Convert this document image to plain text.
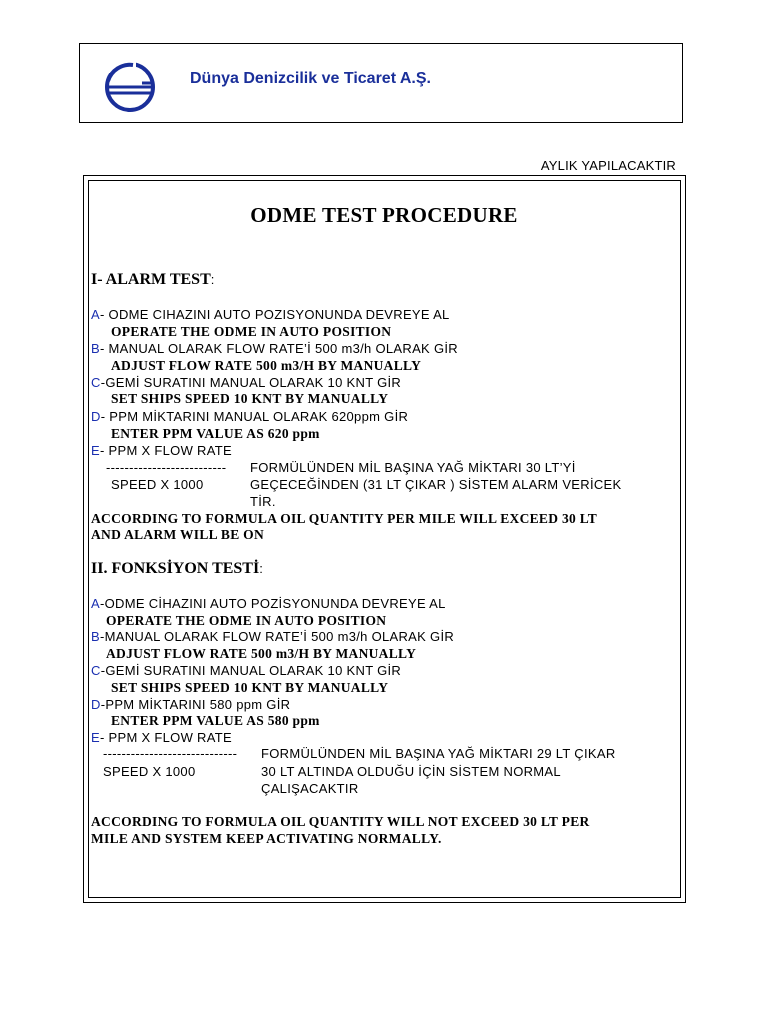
Dünya Denizcilik ve Ticaret A.Ş.
AYLIK YAPILACAKTIR
ODME TEST PROCEDURE
I- ALARM TEST:
A- ODME CIHAZINI AUTO POZISYONUNDA DEVREYE AL
OPERATE THE ODME IN AUTO POSITION
B- MANUAL OLARAK FLOW RATE’İ 500 m3/h OLARAK GİR
ADJUST FLOW RATE 500 m3/H BY MANUALLY
C-GEMİ SURATINI MANUAL OLARAK 10 KNT GİR
SET SHIPS SPEED 10 KNT BY MANUALLY
D- PPM MİKTARINI MANUAL OLARAK 620ppm GİR
ENTER PPM VALUE AS 620 ppm
E- PPM X FLOW RATE
--------------------------
SPEED X 1000
FORMÜLÜNDEN MİL BAŞINA YAĞ MİKTARI 30 LT’Yİ
GEÇECEĞİNDEN (31 LT ÇIKAR ) SİSTEM ALARM VERİCEK
TİR.
ACCORDING TO FORMULA OIL QUANTITY PER MILE WILL EXCEED 30 LT
AND ALARM WILL BE ON
II. FONKSİYON TESTİ:
A-ODME CİHAZINI AUTO POZİSYONUNDA DEVREYE AL
OPERATE THE ODME IN AUTO POSITION
B-MANUAL OLARAK FLOW RATE’İ 500 m3/h OLARAK GİR
ADJUST FLOW RATE 500 m3/H BY MANUALLY
C-GEMİ SURATINI MANUAL OLARAK 10 KNT GİR
SET SHIPS SPEED 10 KNT BY MANUALLY
D-PPM MİKTARINI 580 ppm GİR
ENTER PPM VALUE AS 580 ppm
E- PPM X FLOW RATE
-----------------------------
SPEED X 1000
FORMÜLÜNDEN MİL BAŞINA YAĞ MİKTARI 29 LT ÇIKAR
30 LT ALTINDA OLDUĞU İÇİN SİSTEM NORMAL
ÇALIŞACAKTIR
ACCORDING TO FORMULA OIL QUANTITY WILL NOT EXCEED 30 LT PER
MILE AND SYSTEM KEEP ACTIVATING NORMALLY.
